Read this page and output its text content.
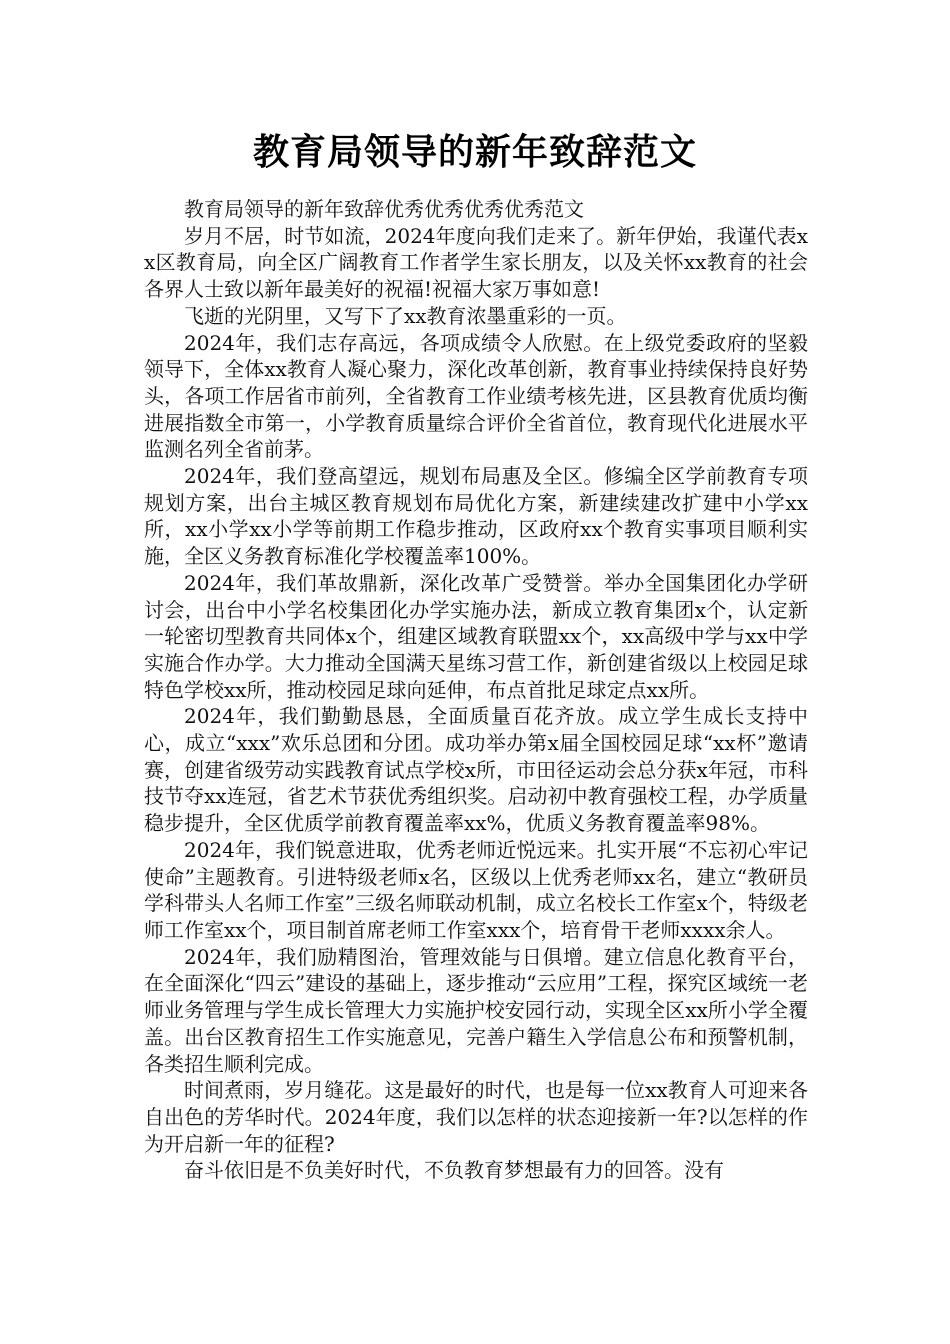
教育局领导的新年致辞范文

教育局领导的新年致辞优秀优秀优秀优秀范文

岁月不居，时节如流，2024年度向我们走来了。新年伊始，我谨代表xx区教育局，向全区广阔教育工作者学生家长朋友，以及关怀xx教育的社会各界人士致以新年最美好的祝福!祝福大家万事如意!

飞逝的光阴里，又写下了xx教育浓墨重彩的一页。

2024年，我们志存高远，各项成绩令人欣慰。在上级党委政府的坚毅领导下，全体xx教育人凝心聚力，深化改革创新，教育事业持续保持良好势头，各项工作居省市前列，全省教育工作业绩考核先进，区县教育优质均衡进展指数全市第一，小学教育质量综合评价全省首位，教育现代化进展水平监测名列全省前茅。

2024年，我们登高望远，规划布局惠及全区。修编全区学前教育专项规划方案，出台主城区教育规划布局优化方案，新建续建改扩建中小学xx所，xx小学xx小学等前期工作稳步推动，区政府xx个教育实事项目顺利实施，全区义务教育标准化学校覆盖率100%。

2024年，我们革故鼎新，深化改革广受赞誉。举办全国集团化办学研讨会，出台中小学名校集团化办学实施办法，新成立教育集团x个，认定新一轮密切型教育共同体x个，组建区域教育联盟xx个，xx高级中学与xx中学实施合作办学。大力推动全国满天星练习营工作，新创建省级以上校园足球特色学校xx所，推动校园足球向延伸，布点首批足球定点xx所。

2024年，我们勤勤恳恳，全面质量百花齐放。成立学生成长支持中心，成立“xxx”欢乐总团和分团。成功举办第x届全国校园足球“xx杯”邀请赛，创建省级劳动实践教育试点学校x所，市田径运动会总分获x年冠，市科技节夺xx连冠，省艺术节获优秀组织奖。启动初中教育强校工程，办学质量稳步提升，全区优质学前教育覆盖率xx%，优质义务教育覆盖率98%。

2024年，我们锐意进取，优秀老师近悦远来。扎实开展“不忘初心牢记使命”主题教育。引进特级老师x名，区级以上优秀老师xx名，建立“教研员学科带头人名师工作室”三级名师联动机制，成立名校长工作室x个，特级老师工作室xx个，项目制首席老师工作室xxx个，培育骨干老师xxxx余人。

2024年，我们励精图治，管理效能与日俱增。建立信息化教育平台，在全面深化“四云”建设的基础上，逐步推动“云应用”工程，探究区域统一老师业务管理与学生成长管理大力实施护校安园行动，实现全区xx所小学全覆盖。出台区教育招生工作实施意见，完善户籍生入学信息公布和预警机制，各类招生顺利完成。

时间煮雨，岁月缝花。这是最好的时代，也是每一位xx教育人可迎来各自出色的芳华时代。2024年度，我们以怎样的状态迎接新一年?以怎样的作为开启新一年的征程?

奋斗依旧是不负美好时代，不负教育梦想最有力的回答。没有
